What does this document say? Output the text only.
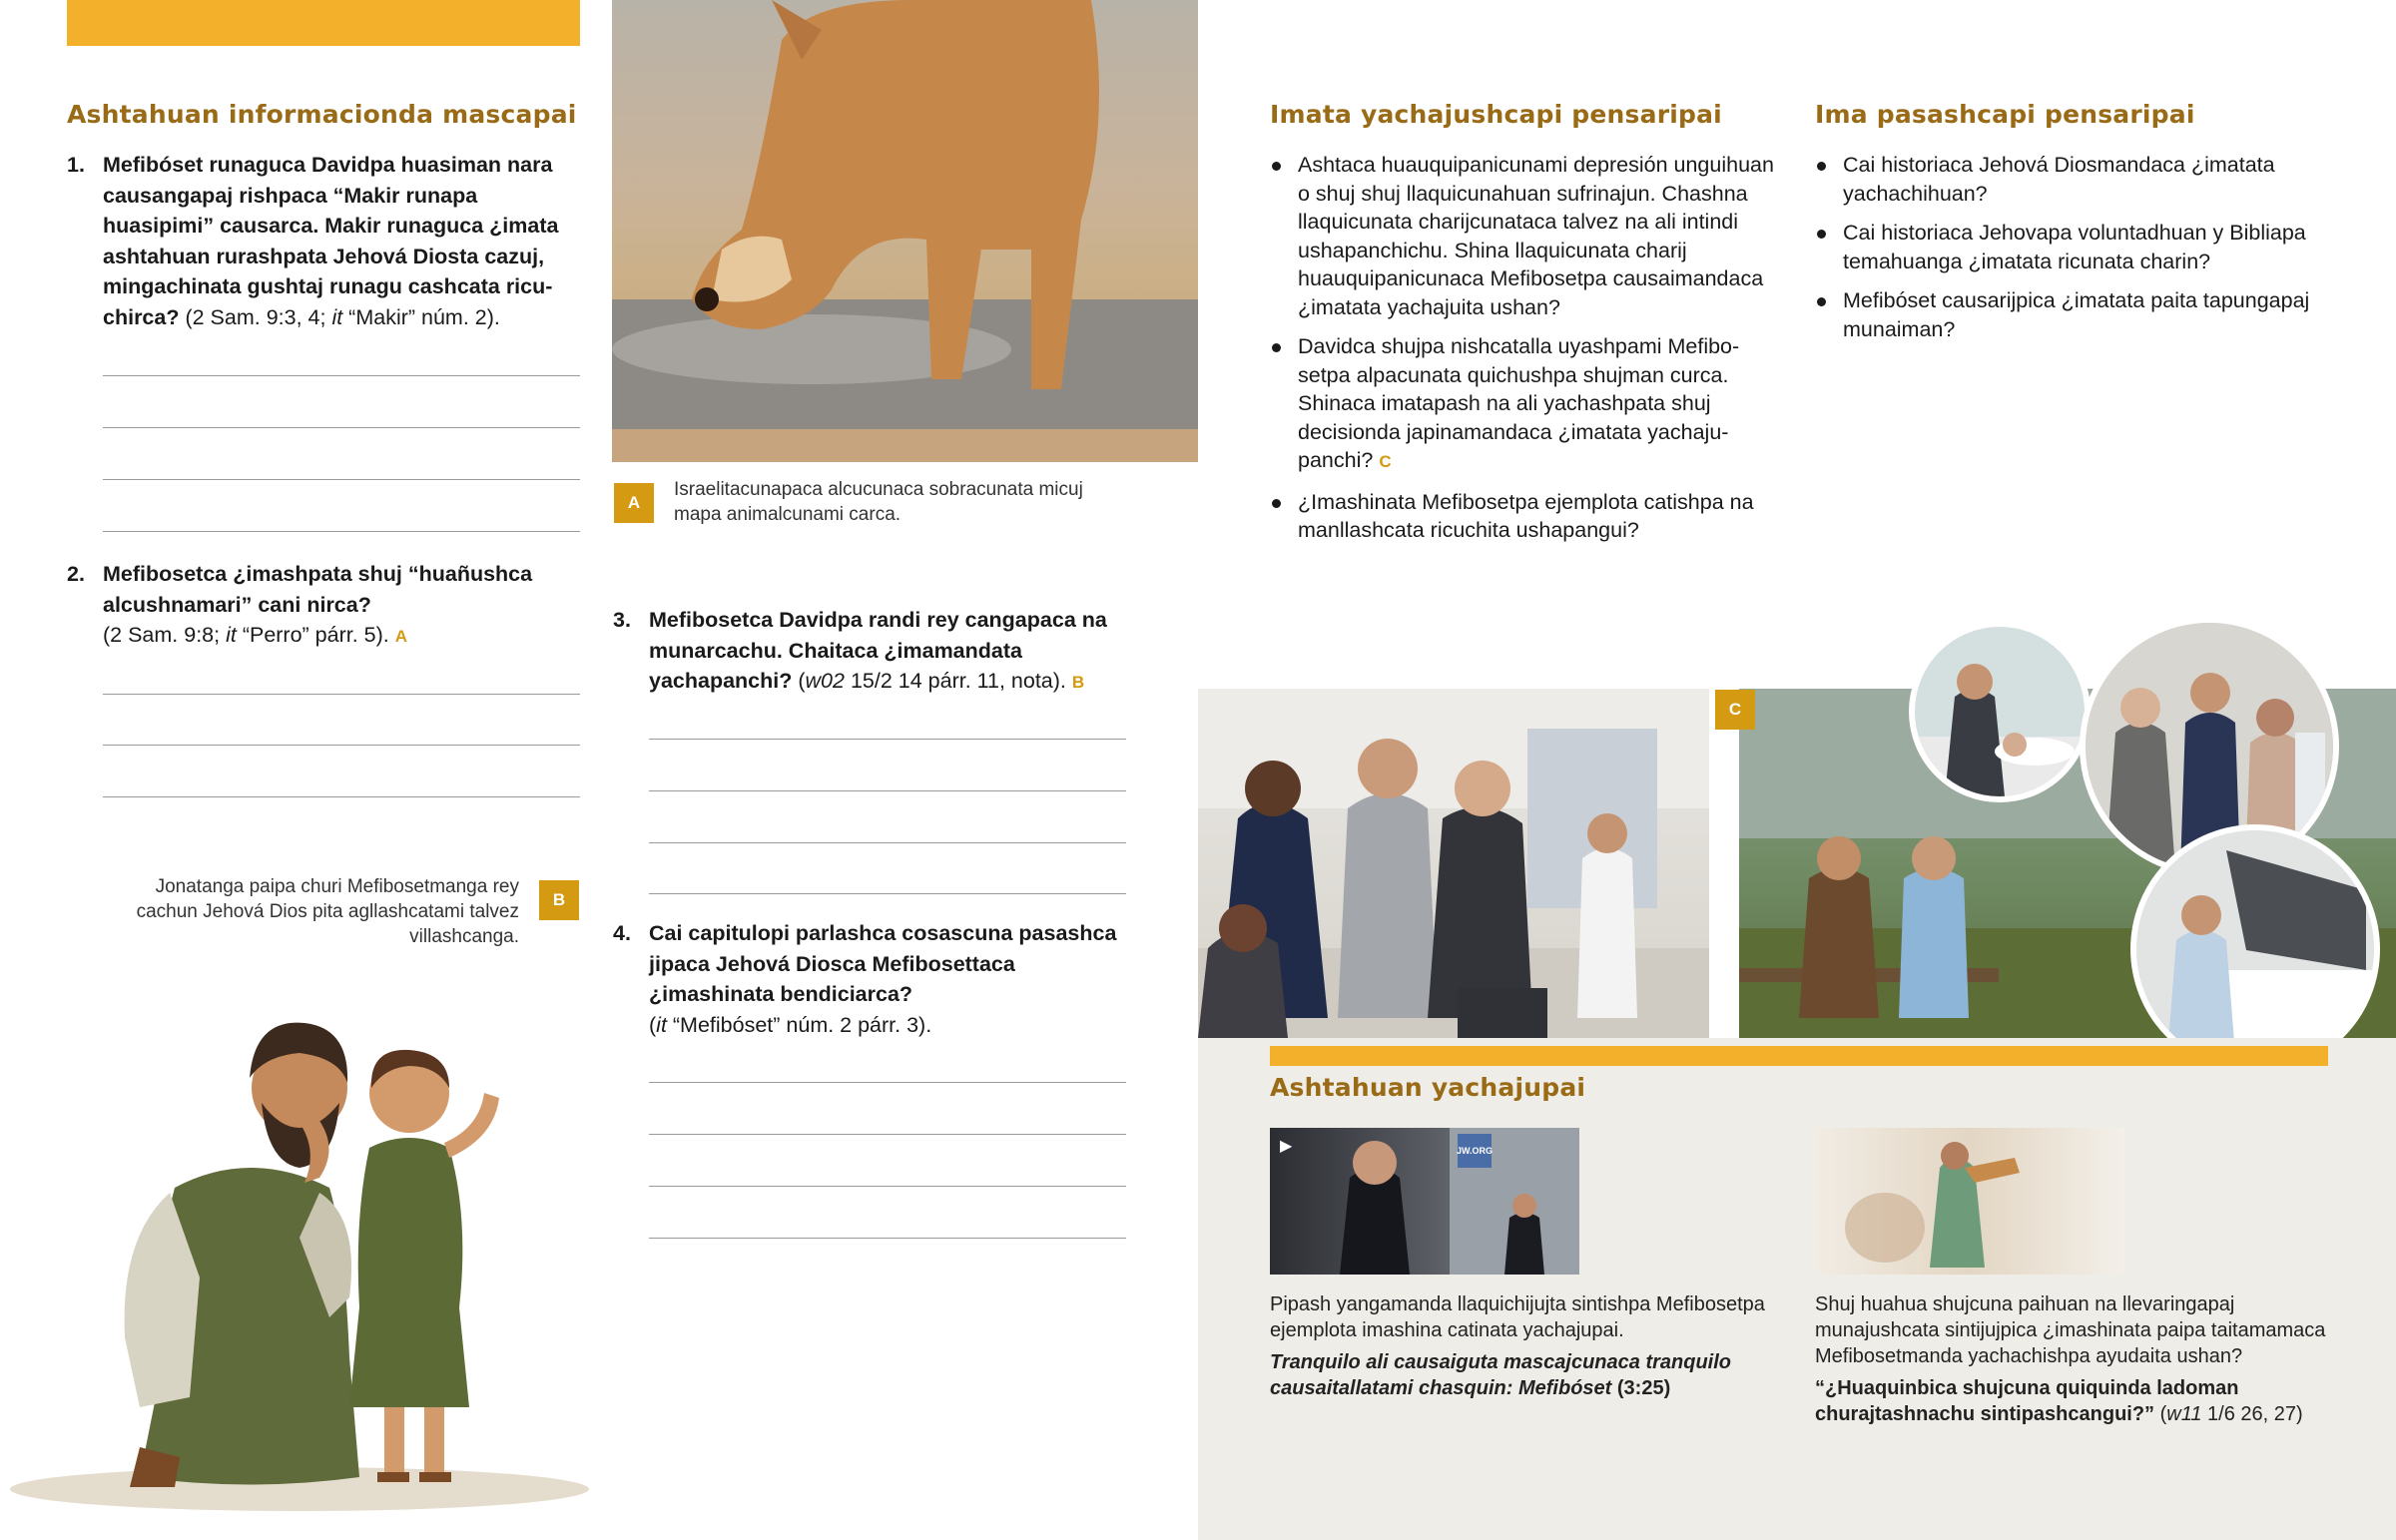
Ashtahuan informacionda mascapai
1. Mefibóset runaguca Davidpa huasiman nara causangapaj rishpaca “Makir runapa huasipimi” causarca. Makir runaguca ¿imata ashtahuan rurashpata Jehová Diosta cazuj, mingachinata gushtaj runagu cashcata ricuchirca? (2 Sam. 9:3, 4; it “Makir” núm. 2).
2. Mefibosetca ¿imashpata shuj “huañushca alcushnamari” cani nirca?
(2 Sam. 9:8; it “Perro” párr. 5). A
Jonatanga paipa churi Mefibosetmanga rey cachun Jehová Dios pita agllashcatami talvez villashcanga.
B
A
Israelitacunapaca alcucunaca sobracunata micuj mapa animalcunami carca.
3. Mefibosetca Davidpa randi rey cangapaca na munarcachu. Chaitaca ¿imamandata yachapanchi? (w02 15/2 14 párr. 11, nota). B
4. Cai capitulopi parlashca cosascuna pasashca jipaca Jehová Diosca Mefibosettaca ¿imashinata bendiciarca?
(it “Mefibóset” núm. 2 párr. 3).
Imata yachajushcapi pensaripai
Ashtaca huauquipanicunami depresión unguihuan o shuj shuj llaquicunahuan sufrinajun. Chashna llaquicunata charijcunataca talvez na ali intindi ushapanchichu. Shina llaquicunata charij huauquipanicunaca Mefibosetpa causaimandaca ¿imatata yachajuita ushan?
Davidca shujpa nishcatalla uyashpami Mefibosetpa alpacunata quichushpa shujman curca. Shinaca imatapash na ali yachashpata shuj decisionda japinamandaca ¿imatata yachajupanchi? C
¿Imashinata Mefibosetpa ejemplota catishpa na manllashcata ricuchita ushapangui?
Ima pasashcapi pensaripai
Cai historiaca Jehová Diosmandaca ¿imatata yachachihuan?
Cai historiaca Jehovapa voluntadhuan y Bibliapa temahuanga ¿imatata ricunata charin?
Mefibóset causarijpica ¿imatata paita tapungapaj munaiman?
C
Ashtahuan yachajupai
▶	JW.ORG
Pipash yangamanda llaquichijujta sintishpa Mefibosetpa ejemplota imashina catinata yachajupai.
Tranquilo ali causaiguta mascajcunaca tranquilo causaitallatami chasquin: Mefibóset (3:25)
Shuj huahua shujcuna paihuan na llevaringapaj munajushcata sintijujpica ¿imashinata paipa taitamamaca Mefibosetmanda yachachishpa ayudaita ushan?
“¿Huaquinbica shujcuna quiquinda ladoman churajtashnachu sintipashcangui?” (w11 1/6 26, 27)
